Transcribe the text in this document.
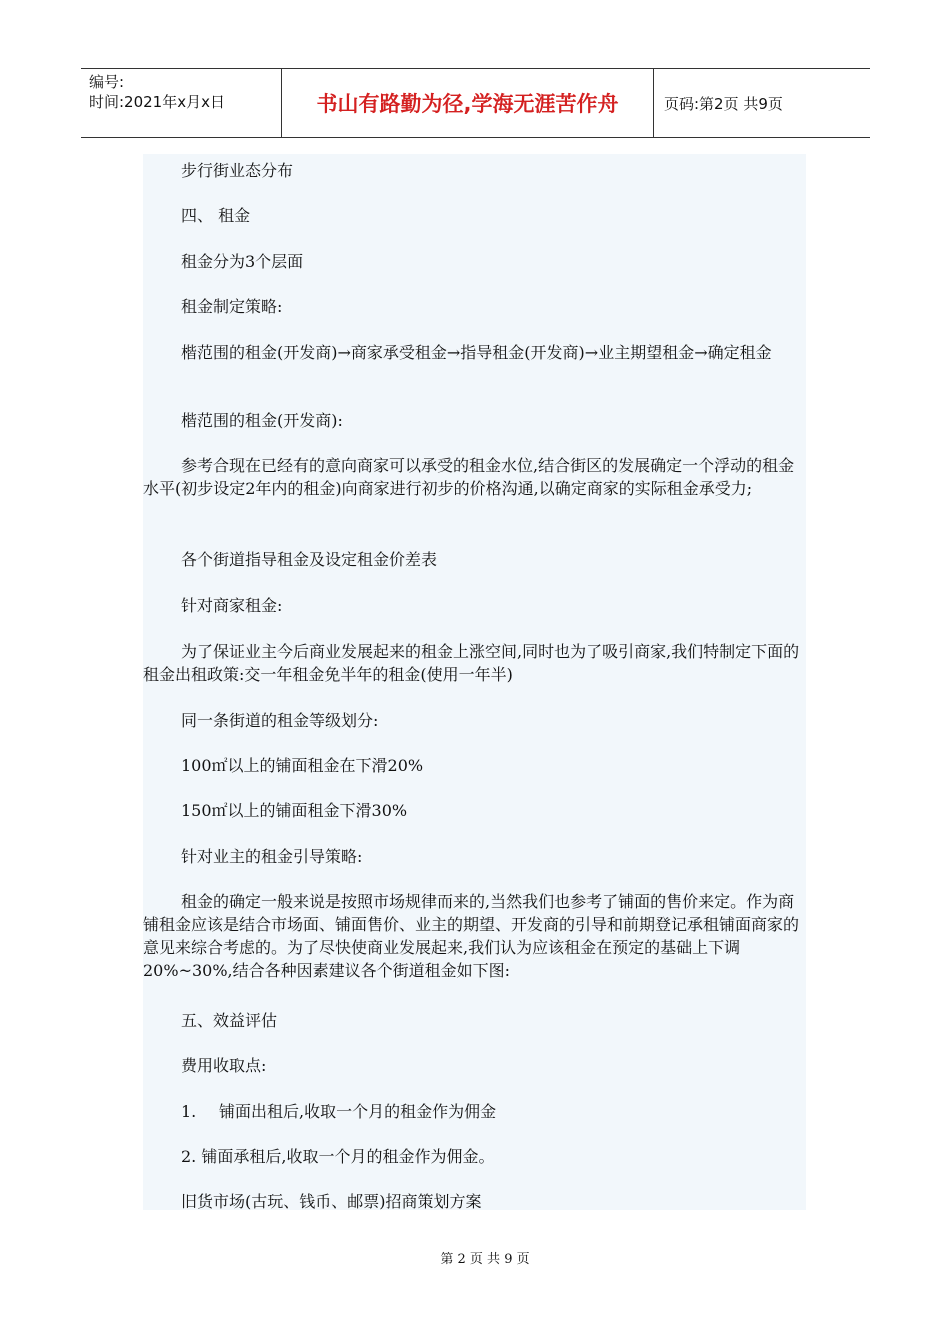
编号:
时间:2021年x月x日	书山有路勤为径,学海无涯苦作舟	页码:第2页 共9页

步行街业态分布

四、 租金

租金分为3个层面

租金制定策略:

楷范围的租金(开发商)→商家承受租金→指导租金(开发商)→业主期望租金→确定租金

楷范围的租金(开发商):

参考合现在已经有的意向商家可以承受的租金水位,结合街区的发展确定一个浮动的租金水平(初步设定2年内的租金)向商家进行初步的价格沟通,以确定商家的实际租金承受力;

各个街道指导租金及设定租金价差表

针对商家租金:

为了保证业主今后商业发展起来的租金上涨空间,同时也为了吸引商家,我们特制定下面的租金出租政策:交一年租金免半年的租金(使用一年半)

同一条街道的租金等级划分:

100㎡以上的铺面租金在下滑20%

150㎡以上的铺面租金下滑30%

针对业主的租金引导策略:

租金的确定一般来说是按照市场规律而来的,当然我们也参考了铺面的售价来定。作为商铺租金应该是结合市场面、铺面售价、业主的期望、开发商的引导和前期登记承租铺面商家的意见来综合考虑的。为了尽快使商业发展起来,我们认为应该租金在预定的基础上下调20%~30%,结合各种因素建议各个街道租金如下图:

五、效益评估

费用收取点:

1. 铺面出租后,收取一个月的租金作为佣金

2. 铺面承租后,收取一个月的租金作为佣金。

旧货市场(古玩、钱币、邮票)招商策划方案

第 2 页 共 9 页
